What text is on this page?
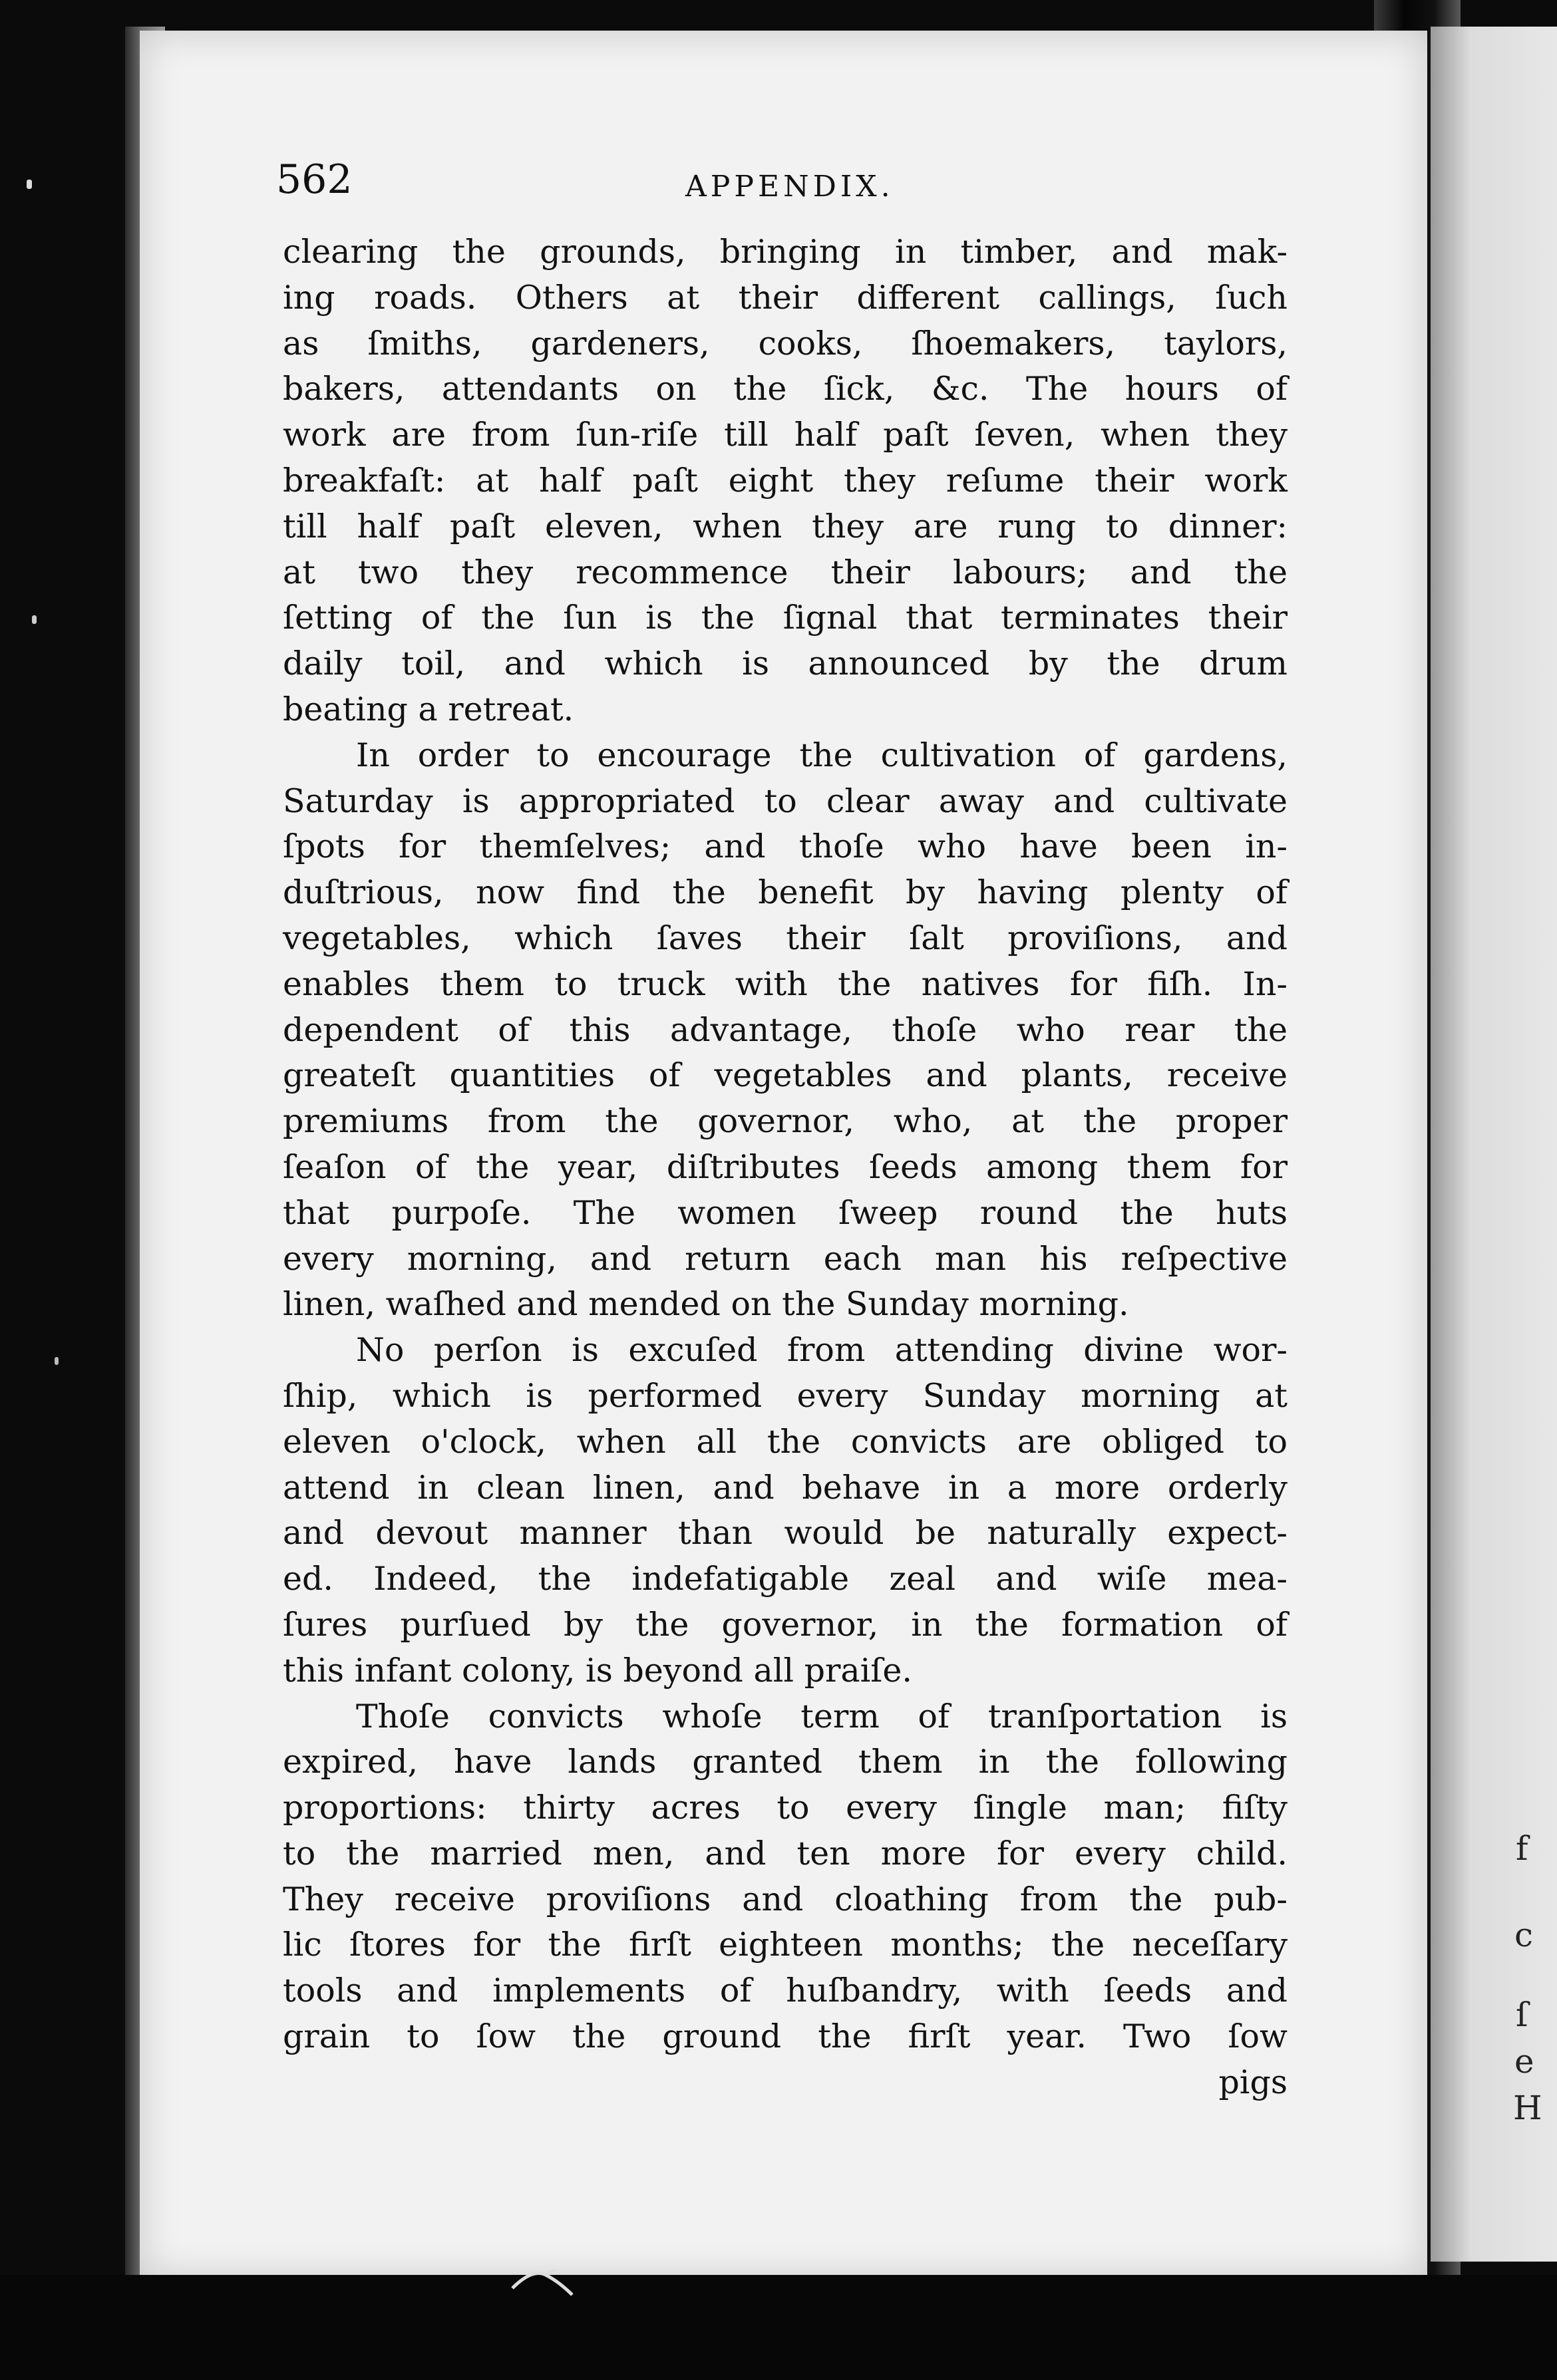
f
c
ſ
e
H
562	APPENDIX.
clearing the grounds, bringing in timber, and mak-
ing roads. Others at their different callings, ſuch
as ſmiths, gardeners, cooks, ſhoemakers, taylors,
bakers, attendants on the ſick, &c. The hours of
work are from ſun-riſe till half paſt ſeven, when they
breakfaſt: at half paſt eight they reſume their work
till half paſt eleven, when they are rung to dinner:
at two they recommence their labours; and the
ſetting of the ſun is the ſignal that terminates their
daily toil, and which is announced by the drum
beating a retreat.
In order to encourage the cultivation of gardens,
Saturday is appropriated to clear away and cultivate
ſpots for themſelves; and thoſe who have been in-
duſtrious, now find the benefit by having plenty of
vegetables, which ſaves their ſalt proviſions, and
enables them to truck with the natives for fiſh. In-
dependent of this advantage, thoſe who rear the
greateſt quantities of vegetables and plants, receive
premiums from the governor, who, at the proper
ſeaſon of the year, diſtributes ſeeds among them for
that purpoſe. The women ſweep round the huts
every morning, and return each man his reſpective
linen, waſhed and mended on the Sunday morning.
No perſon is excuſed from attending divine wor-
ſhip, which is performed every Sunday morning at
eleven o'clock, when all the convicts are obliged to
attend in clean linen, and behave in a more orderly
and devout manner than would be naturally expect-
ed. Indeed, the indefatigable zeal and wiſe mea-
ſures purſued by the governor, in the formation of
this infant colony, is beyond all praiſe.
Thoſe convicts whoſe term of tranſportation is
expired, have lands granted them in the following
proportions: thirty acres to every ſingle man; fiſty
to the married men, and ten more for every child.
They receive proviſions and cloathing from the pub-
lic ſtores for the firſt eighteen months; the neceſſary
tools and implements of huſbandry, with ſeeds and
grain to ſow the ground the firſt year. Two ſow
pigs
